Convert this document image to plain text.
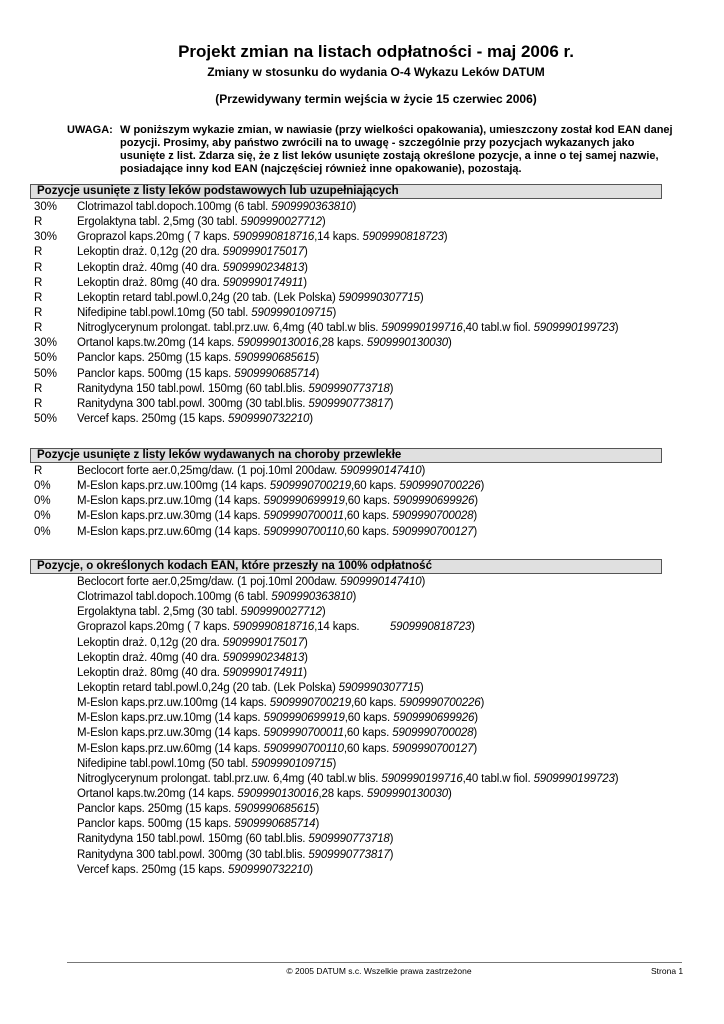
Projekt zmian na listach odpłatności - maj 2006 r.
Zmiany w stosunku do wydania O-4 Wykazu Leków DATUM
(Przewidywany termin wejścia w życie 15 czerwiec 2006)
UWAGA: W poniższym wykazie zmian, w nawiasie (przy wielkości opakowania), umieszczony został kod EAN danej pozycji. Prosimy, aby państwo zwrócili na to uwagę - szczególnie przy pozycjach wykazanych jako usunięte z list. Zdarza się, że z list leków usunięte zostają określone pozycje, a inne o tej samej nazwie, posiadające inny kod EAN (najczęściej również inne opakowanie), pozostają.
Pozycje usunięte z listy leków podstawowych lub uzupełniających
30% Clotrimazol tabl.dopoch.100mg (6 tabl. 5909990363810)
R	Ergolaktyna tabl. 2,5mg (30 tabl. 5909990027712)
30% Groprazol kaps.20mg ( 7 kaps. 5909990818716,14 kaps. 5909990818723)
R	Lekoptin draż. 0,12g (20 dra. 5909990175017)
R	Lekoptin draż. 40mg (40 dra. 5909990234813)
R	Lekoptin draż. 80mg (40 dra. 5909990174911)
R	Lekoptin retard tabl.powl.0,24g (20 tab. (Lek Polska) 5909990307715)
R	Nifedipine tabl.powl.10mg (50 tabl. 5909990109715)
R	Nitroglycerynum prolongat. tabl.prz.uw. 6,4mg (40 tabl.w blis. 5909990199716,40 tabl.w fiol. 5909990199723)
30% Ortanol kaps.tw.20mg (14 kaps. 5909990130016,28 kaps. 5909990130030)
50% Panclor kaps. 250mg (15 kaps. 5909990685615)
50% Panclor kaps. 500mg (15 kaps. 5909990685714)
R	Ranitydyna 150 tabl.powl. 150mg (60 tabl.blis. 5909990773718)
R	Ranitydyna 300 tabl.powl. 300mg (30 tabl.blis. 5909990773817)
50% Vercef kaps. 250mg (15 kaps. 5909990732210)
Pozycje usunięte z listy leków wydawanych na choroby przewlekłe
R	Beclocort forte aer.0,25mg/daw. (1 poj.10ml 200daw. 5909990147410)
0% M-Eslon kaps.prz.uw.100mg (14 kaps. 5909990700219,60 kaps. 5909990700226)
0% M-Eslon kaps.prz.uw.10mg (14 kaps. 5909990699919,60 kaps. 5909990699926)
0% M-Eslon kaps.prz.uw.30mg (14 kaps. 5909990700011,60 kaps. 5909990700028)
0% M-Eslon kaps.prz.uw.60mg (14 kaps. 5909990700110,60 kaps. 5909990700127)
Pozycje, o określonych kodach EAN, które przeszły na 100% odpłatność
Beclocort forte aer.0,25mg/daw. (1 poj.10ml 200daw. 5909990147410)
Clotrimazol tabl.dopoch.100mg (6 tabl. 5909990363810)
Ergolaktyna tabl. 2,5mg (30 tabl. 5909990027712)
Groprazol kaps.20mg ( 7 kaps. 5909990818716,14 kaps.          5909990818723)
Lekoptin draż. 0,12g (20 dra. 5909990175017)
Lekoptin draż. 40mg (40 dra. 5909990234813)
Lekoptin draż. 80mg (40 dra. 5909990174911)
Lekoptin retard tabl.powl.0,24g (20 tab. (Lek Polska) 5909990307715)
M-Eslon kaps.prz.uw.100mg (14 kaps. 5909990700219,60 kaps. 5909990700226)
M-Eslon kaps.prz.uw.10mg (14 kaps. 5909990699919,60 kaps. 5909990699926)
M-Eslon kaps.prz.uw.30mg (14 kaps. 5909990700011,60 kaps. 5909990700028)
M-Eslon kaps.prz.uw.60mg (14 kaps. 5909990700110,60 kaps. 5909990700127)
Nifedipine tabl.powl.10mg (50 tabl. 5909990109715)
Nitroglycerynum prolongat. tabl.prz.uw. 6,4mg (40 tabl.w blis. 5909990199716,40 tabl.w fiol. 5909990199723)
Ortanol kaps.tw.20mg (14 kaps. 5909990130016,28 kaps. 5909990130030)
Panclor kaps. 250mg (15 kaps. 5909990685615)
Panclor kaps. 500mg (15 kaps. 5909990685714)
Ranitydyna 150 tabl.powl. 150mg (60 tabl.blis. 5909990773718)
Ranitydyna 300 tabl.powl. 300mg (30 tabl.blis. 5909990773817)
Vercef kaps. 250mg (15 kaps. 5909990732210)
© 2005 DATUM s.c. Wszelkie prawa zastrzeżone	Strona 1
